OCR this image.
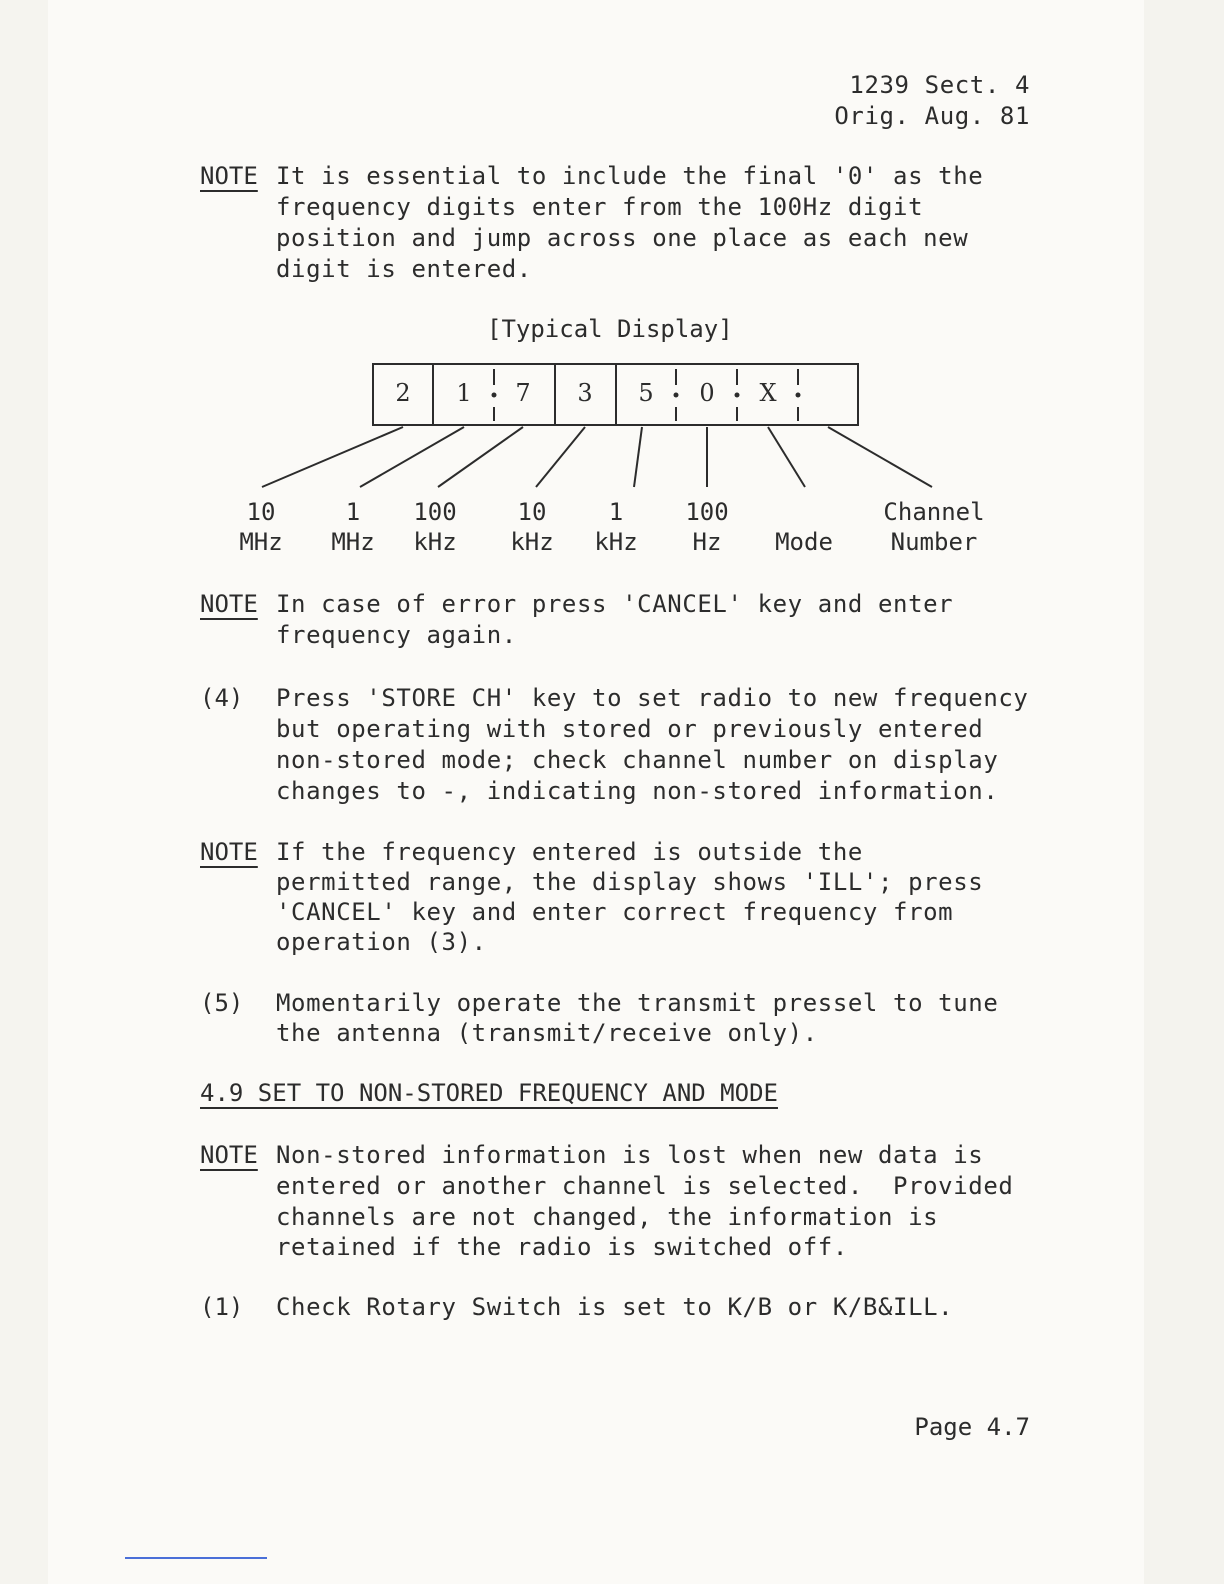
1239 Sect. 4
Orig. Aug. 81
NOTE It is essential to include the final '0' as the
frequency digits enter from the 100Hz digit
position and jump across one place as each new
digit is entered.
[Typical Display]
2 1 7 3 5 0 X
10
MHz
1
MHz
100
kHz
10
kHz
1
kHz
100
Hz	Mode
Channel
Number
NOTE In case of error press 'CANCEL' key and enter
frequency again.
(4) Press 'STORE CH' key to set radio to new frequency
but operating with stored or previously entered
non-stored mode; check channel number on display
changes to -, indicating non-stored information.
NOTE If the frequency entered is outside the
permitted range, the display shows 'ILL'; press
'CANCEL' key and enter correct frequency from
operation (3).
(5) Momentarily operate the transmit pressel to tune
the antenna (transmit/receive only).
4.9 SET TO NON-STORED FREQUENCY AND MODE
NOTE Non-stored information is lost when new data is
entered or another channel is selected.  Provided
channels are not changed, the information is
retained if the radio is switched off.
(1) Check Rotary Switch is set to K/B or K/B&ILL.
Page 4.7
